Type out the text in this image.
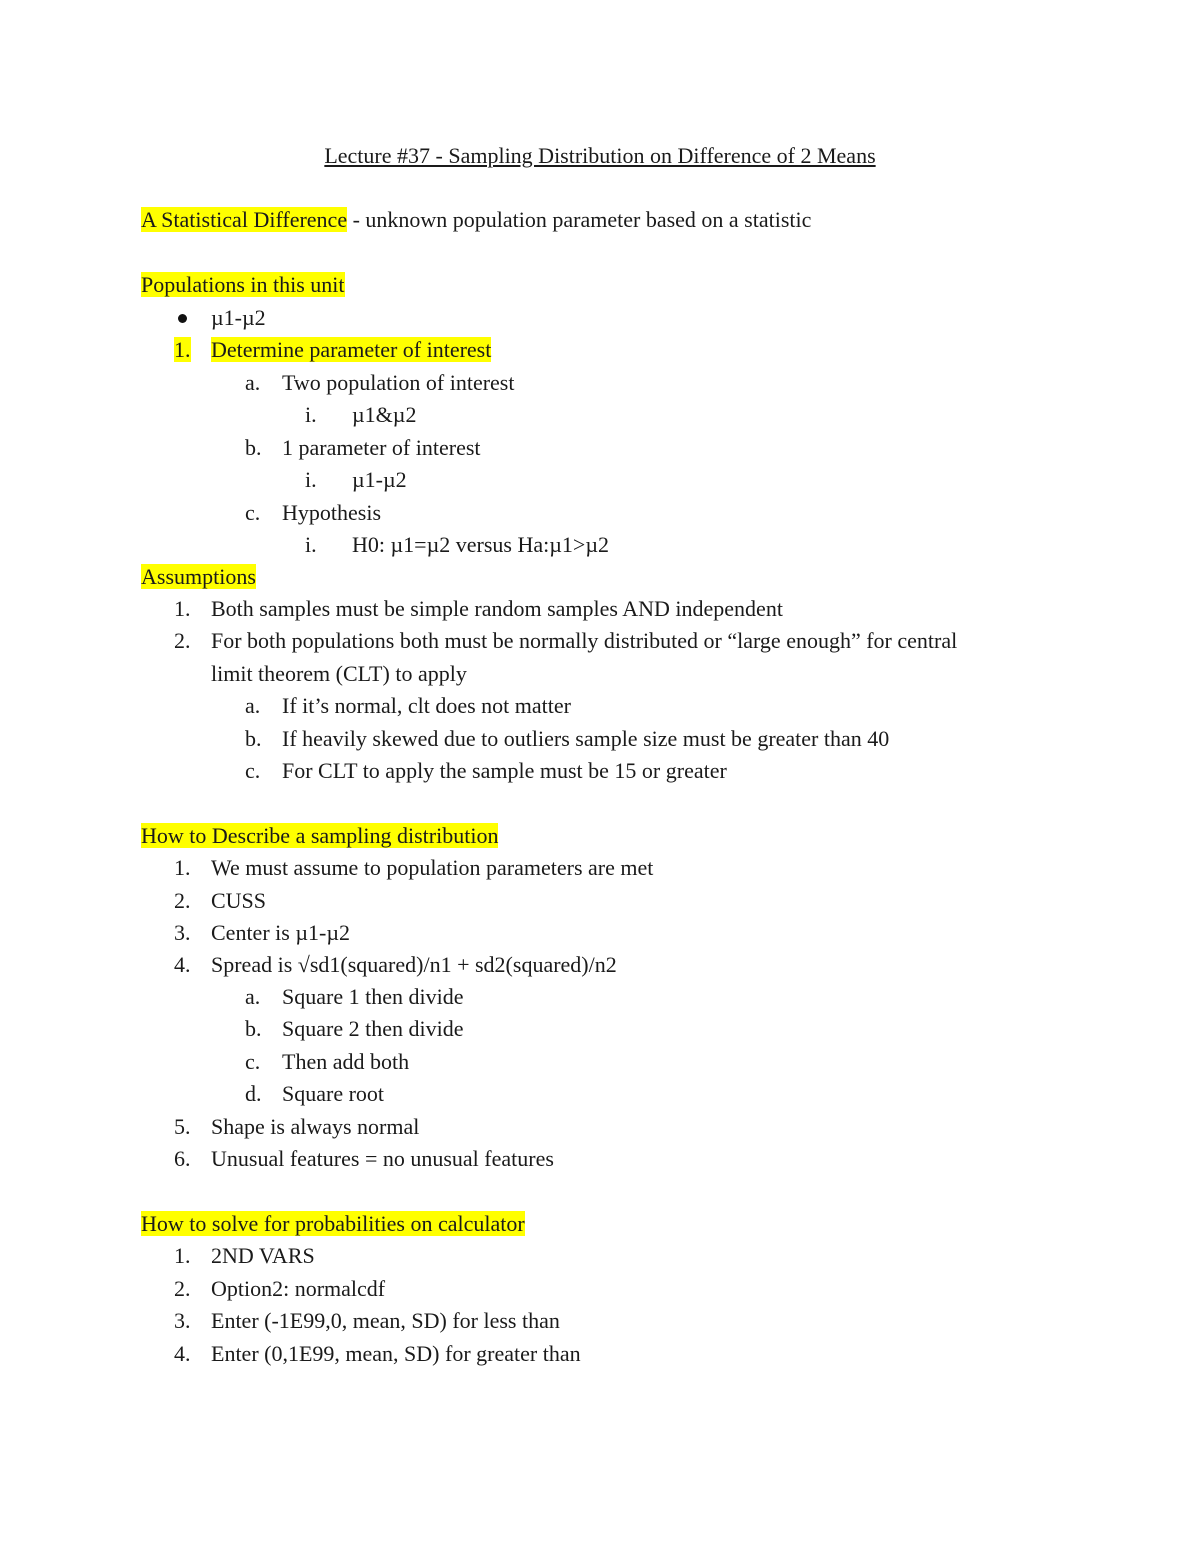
Lecture #37 - Sampling Distribution on Difference of 2 Means
A Statistical Difference - unknown population parameter based on a statistic
Populations in this unit
µ1-µ2
1. Determine parameter of interest
a. Two population of interest
i. µ1&µ2
b. 1 parameter of interest
i. µ1-µ2
c. Hypothesis
i. H0: µ1=µ2 versus Ha:µ1>µ2
Assumptions
1. Both samples must be simple random samples AND independent
2. For both populations both must be normally distributed or “large enough” for central
limit theorem (CLT) to apply
a. If it’s normal, clt does not matter
b. If heavily skewed due to outliers sample size must be greater than 40
c. For CLT to apply the sample must be 15 or greater
How to Describe a sampling distribution
1. We must assume to population parameters are met
2. CUSS
3. Center is µ1-µ2
4. Spread is √sd1(squared)/n1 + sd2(squared)/n2
a. Square 1 then divide
b. Square 2 then divide
c. Then add both
d. Square root
5. Shape is always normal
6. Unusual features = no unusual features
How to solve for probabilities on calculator
1. 2ND VARS
2. Option2: normalcdf
3. Enter (-1E99,0, mean, SD) for less than
4. Enter (0,1E99, mean, SD) for greater than
